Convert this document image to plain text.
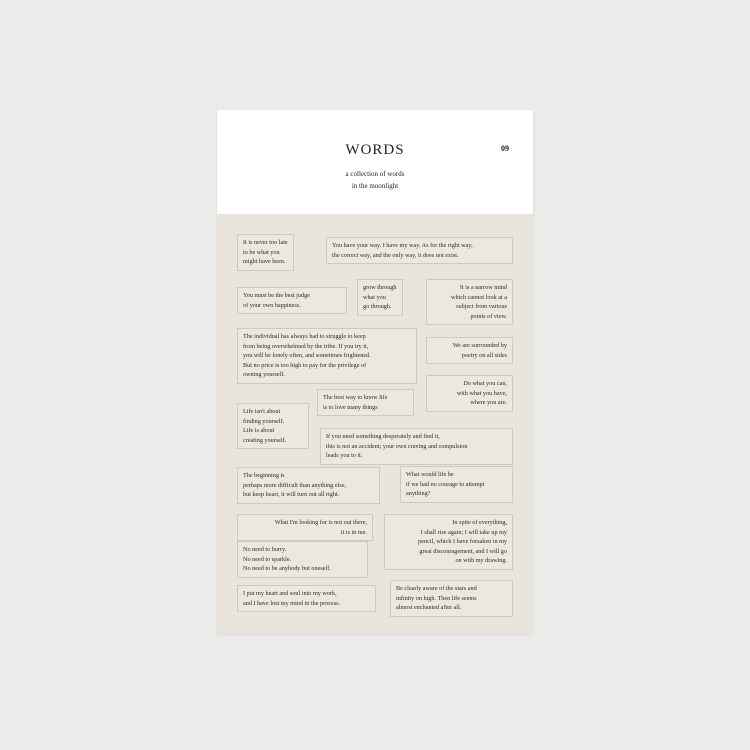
WORDS	09
a collection of words
in the moonlight
It is never too late
to be what you
might have been.
You have your way. I have my way. As for the right way,
the correct way, and the only way, it does not exist.
You must be the best judge
of your own happiness.
grow through
what you
go through.
It is a narrow mind
which cannot look at a
subject from various
points of view.
The individual has always had to struggle to keep
from being overwhelmed by the tribe. If you try it,
you will be lonely often, and sometimes frightened.
But no price is too high to pay for the privilege of
owning yourself.
We are surrounded by
poetry on all sides
Do what you can,
with what you have,
where you are.
The best way to know life
is to love many things
Life isn't about
finding yourself.
Life is about
creating yourself.	If you need something desperately and find it,
this is not an accident; your own craving and compulsion
leads you to it.
The beginning is
perhaps more difficult than anything else,
but keep heart, it will turn out all right.
What would life be
if we had no courage to attempt
anything?
What I'm looking for is not out there,
it is in me.
In spite of everything,
I shall rise again; I will take up my
pencil, which I have forsaken in my
great discouragement, and I will go
on with my drawing.
No need to hurry.
No need to sparkle.
No need to be anybody but oneself.
I put my heart and soul into my work,
and I have lost my mind in the process.
Be clearly aware of the stars and
infinity on high. Then life seems
almost enchanted after all.
